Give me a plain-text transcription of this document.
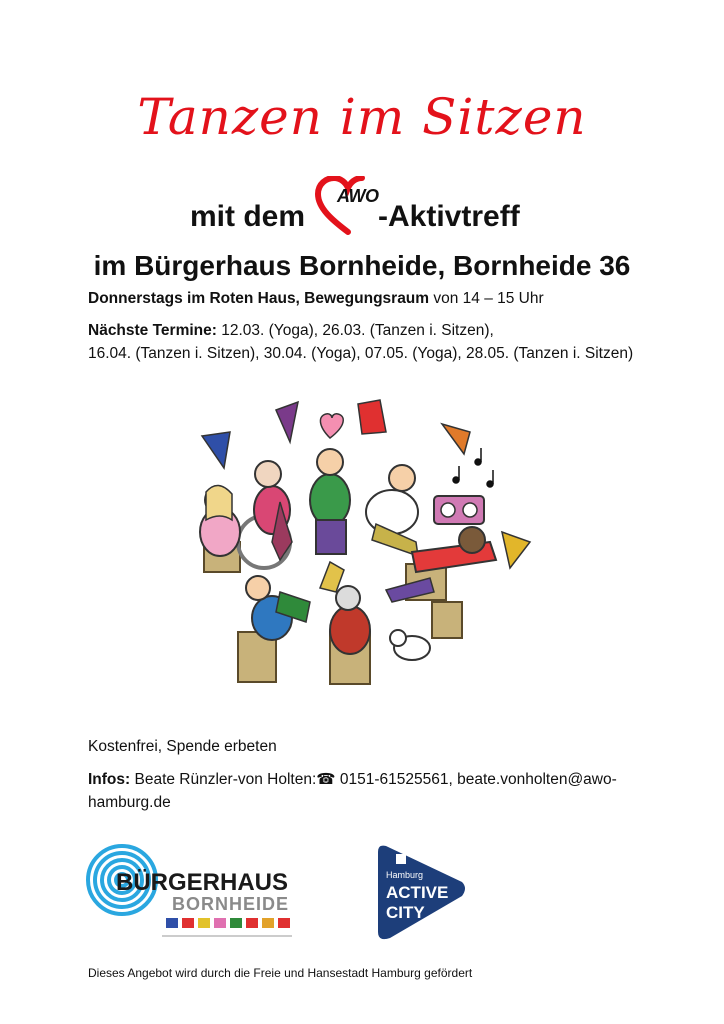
Tanzen im Sitzen
mit dem
AWO
-Aktivtreff
im Bürgerhaus Bornheide, Bornheide 36
Donnerstags im Roten Haus, Bewegungsraum von 14 – 15 Uhr
Nächste Termine: 12.03. (Yoga), 26.03. (Tanzen i. Sitzen),
16.04. (Tanzen i. Sitzen), 30.04. (Yoga), 07.05. (Yoga), 28.05. (Tanzen i. Sitzen)
Kostenfrei, Spende erbeten
Infos: Beate Rünzler-von Holten:☎ 0151-61525561, beate.vonholten@awo-
hamburg.de
BÜRGERHAUS
BORNHEIDE
Hamburg
ACTIVE
CITY
Dieses Angebot wird durch die Freie und Hansestadt Hamburg gefördert
